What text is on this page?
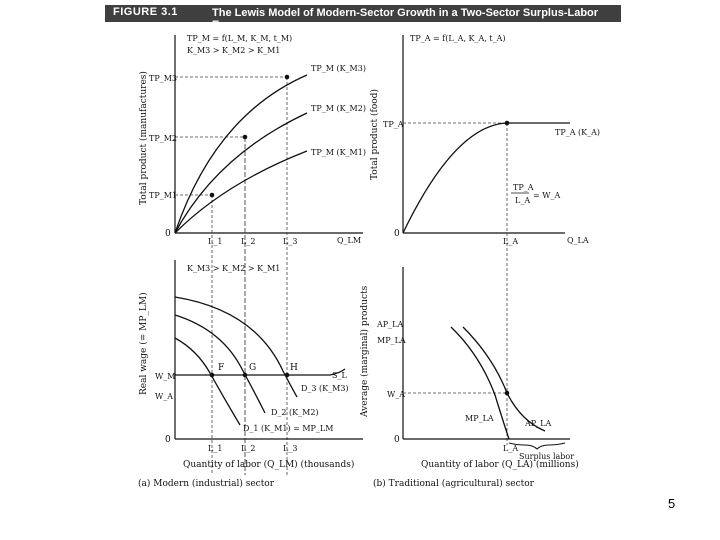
FIGURE 3.1	The Lewis Model of Modern-Sector Growth in a Two-Sector Surplus-Labor Economy
TP_M = f(L_M, K_M, t_M)
K_M3 > K_M2 > K_M1
Total product (manufactures) TP_M3
TP_M2
TP_M1
TP_M (K_M3)
TP_M (K_M2)
TP_M (K_M1)
0
L_1 L_2	L_3	Q_LM
TP_A = f(L_A, K_A, t_A)
Total product (food) TP_A
TP_A (K_A)
TP_A
L_A
= W_A
0
L_A	Q_LA
K_M3 > K_M2 > K_M1
Real wage (= MP_LM) W_M
W_A
F	G	H
S_L
D_3 (K_M3)
D_2 (K_M2)
D_1 (K_M1) = MP_LM
0
L_1 L_2	L_3
Quantity of labor (Q_LM) (thousands)
(a) Modern (industrial) sector
Average (marginal) products AP_LA
MP_LA
W_A
MP_LA
AP_LA
0
L_A
Surplus labor
Quantity of labor (Q_LA) (millions)
(b) Traditional (agricultural) sector
5
